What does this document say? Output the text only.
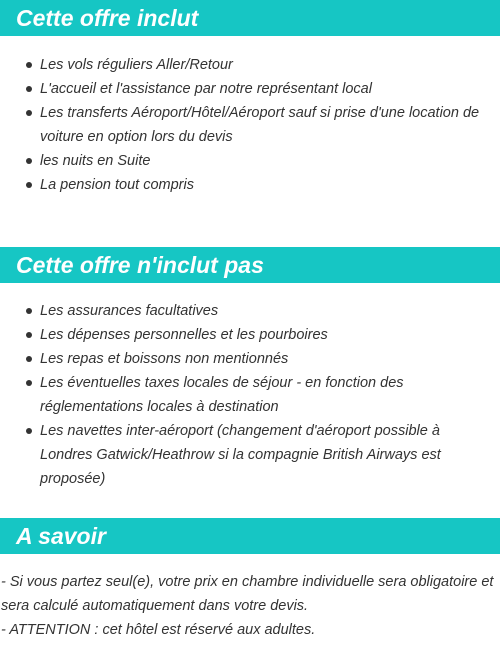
Cette offre inclut
Les vols réguliers Aller/Retour
L'accueil et l'assistance par notre représentant local
Les transferts Aéroport/Hôtel/Aéroport sauf si prise d'une location de voiture en option lors du devis
les nuits en Suite
La pension tout compris
Cette offre n'inclut pas
Les assurances facultatives
Les dépenses personnelles et les pourboires
Les repas et boissons non mentionnés
Les éventuelles taxes locales de séjour - en fonction des réglementations locales à destination
Les navettes inter-aéroport (changement d'aéroport possible à Londres Gatwick/Heathrow si la compagnie British Airways est proposée)
A savoir
- Si vous partez seul(e), votre prix en chambre individuelle sera obligatoire et sera calculé automatiquement dans votre devis.
- ATTENTION : cet hôtel est réservé aux adultes.
